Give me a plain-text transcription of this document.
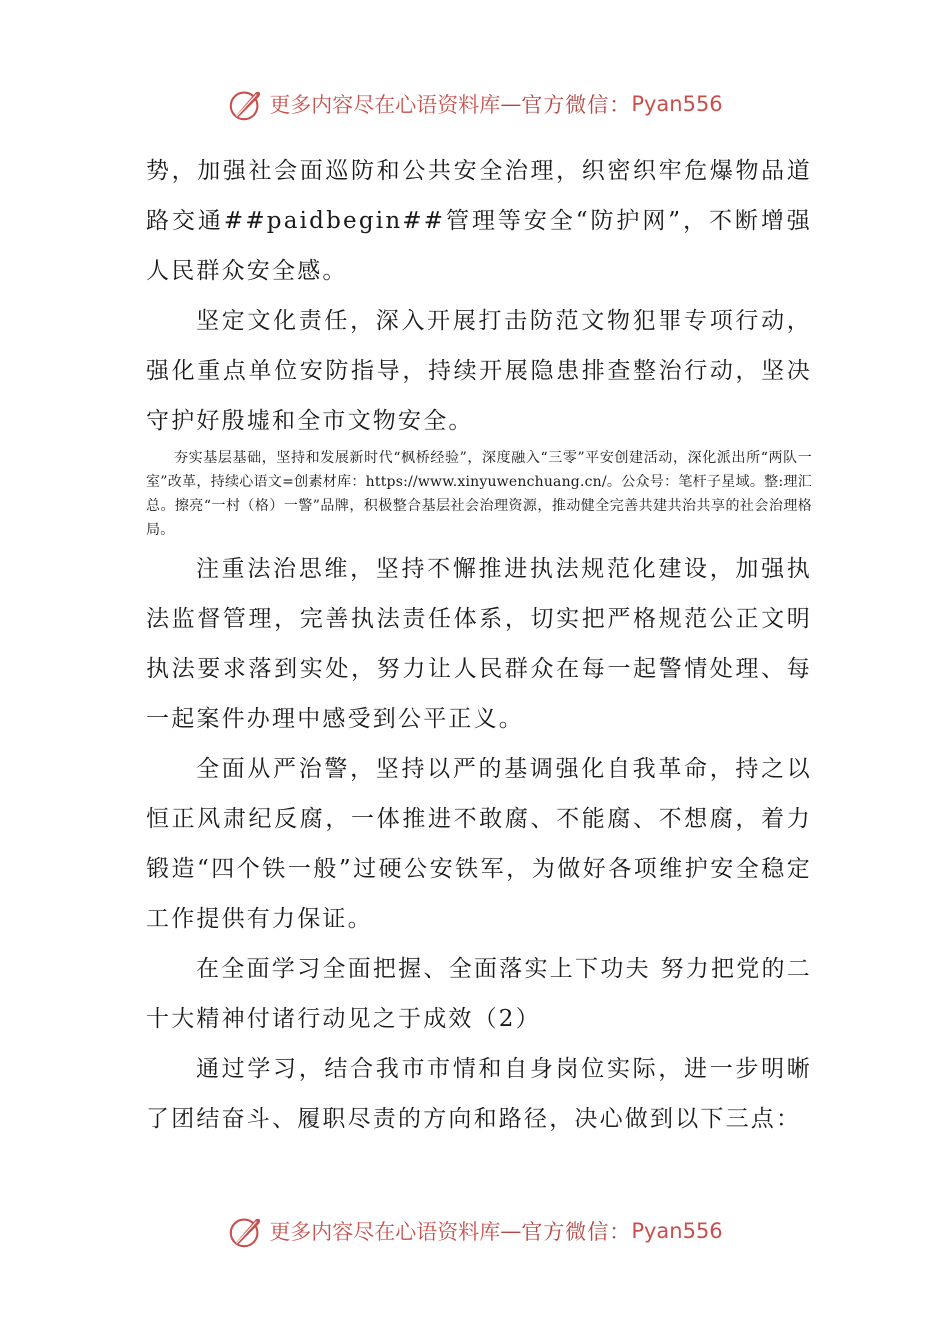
更多内容尽在心语资料库 — 官方微信： Pyan556

势，加强社会面巡防和公共安全治理，织密织牢危爆物品道路交通##paidbegin##管理等安全“防护网”，不断增强人民群众安全感。

坚定文化责任，深入开展打击防范文物犯罪专项行动，强化重点单位安防指导，持续开展隐患排查整治行动，坚决守护好殷墟和全市文物安全。

夯实基层基础，坚持和发展新时代“枫桥经验”，深度融入“三零”平安创建活动，深化派出所“两队一室”改革，持续心语文=创素材库：https://www.xinyuwenchuang.cn/。公众号：笔杆子星域。整:理汇总。擦亮“一村（格）一警”品牌，积极整合基层社会治理资源，推动健全完善共建共治共享的社会治理格局。

注重法治思维，坚持不懈推进执法规范化建设，加强执法监督管理，完善执法责任体系，切实把严格规范公正文明执法要求落到实处，努力让人民群众在每一起警情处理、每一起案件办理中感受到公平正义。

全面从严治警，坚持以严的基调强化自我革命，持之以恒正风肃纪反腐，一体推进不敢腐、不能腐、不想腐，着力锻造“四个铁一般”过硬公安铁军，为做好各项维护安全稳定工作提供有力保证。

在全面学习全面把握、全面落实上下功夫 努力把党的二十大精神付诸行动见之于成效（2）

通过学习，结合我市市情和自身岗位实际，进一步明晰了团结奋斗、履职尽责的方向和路径，决心做到以下三点：

更多内容尽在心语资料库 — 官方微信： Pyan556
